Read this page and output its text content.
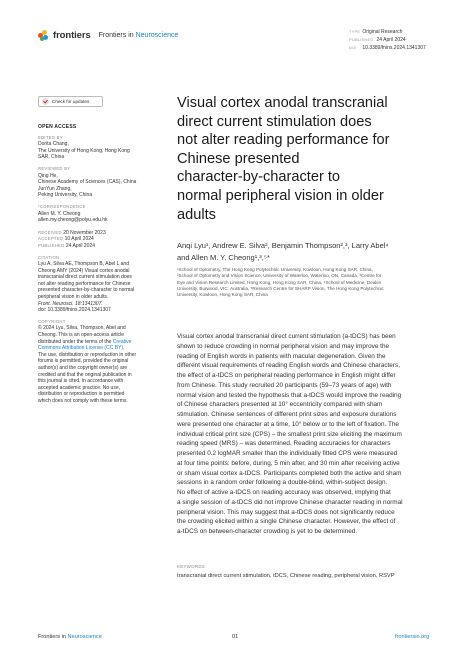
frontiers Frontiers in Neuroscience
TYPE Original Research
PUBLISHED 24 April 2024
DOI 10.3389/fnins.2024.1341307
Check for updates
OPEN ACCESS
EDITED BY
Dorita Chang,
The University of Hong Kong, Hong Kong
SAR, China
REVIEWED BY
Qing He,
Chinese Academy of Sciences (CAS), China
JunYun Zhang,
Peking University, China
*CORRESPONDENCE
Allen M. Y. Cheong
allen.my.cheong@polyu.edu.hk
RECEIVED 20 November 2023
ACCEPTED 10 April 2024
PUBLISHED 24 April 2024
CITATION
Lyu A, Silva AE, Thompson B, Abel L and
Cheong AMY (2024) Visual cortex anodal
transcranial direct current stimulation does
not alter reading performance for Chinese
presented character-by-character to normal
peripheral vision in older adults.
Front. Neurosci. 18:1341307.
doi: 10.3389/fnins.2024.1341307
COPYRIGHT
© 2024 Lyu, Silva, Thompson, Abel and
Cheong. This is an open-access article
distributed under the terms of the Creative
Commons Attribution License (CC BY).
The use, distribution or reproduction in other
forums is permitted, provided the original
author(s) and the copyright owner(s) are
credited and that the original publication in
this journal is cited, in accordance with
accepted academic practice. No use,
distribution or reproduction is permitted
which does not comply with these terms.
Visual cortex anodal transcranial
direct current stimulation does
not alter reading performance for
Chinese presented
character-by-character to
normal peripheral vision in older
adults
Anqi Lyu¹, Andrew E. Silva², Benjamin Thompson²,³, Larry Abel⁴
and Allen M. Y. Cheong¹,³,⁵*
¹School of Optometry, The Hong Kong Polytechnic University, Kowloon, Hong Kong SAR, China,
²School of Optometry and Vision Science, University of Waterloo, Waterloo, ON, Canada, ³Centre for
Eye and Vision Research Limited, Hong Kong, Hong Kong SAR, China, ⁴School of Medicine, Deakin
University, Burwood, VIC, Australia, ⁵Research Centre for SHARP Vision, The Hong Kong Polytechnic
University, Kowloon, Hong Kong SAR, China
Visual cortex anodal transcranial direct current stimulation (a-tDCS) has been
shown to reduce crowding in normal peripheral vision and may improve the
reading of English words in patients with macular degeneration. Given the
different visual requirements of reading English words and Chinese characters,
the effect of a-tDCS on peripheral reading performance in English might differ
from Chinese. This study recruited 20 participants (59–73 years of age) with
normal vision and tested the hypothesis that a-tDCS would improve the reading
of Chinese characters presented at 10° eccentricity compared with sham
stimulation. Chinese sentences of different print sizes and exposure durations
were presented one character at a time, 10° below or to the left of fixation. The
individual critical print size (CPS) – the smallest print size eliciting the maximum
reading speed (MRS) – was determined. Reading accuracies for characters
presented 0.2 logMAR smaller than the individually fitted CPS were measured
at four time points: before, during, 5 min after, and 30 min after receiving active
or sham visual cortex a-tDCS. Participants completed both the active and sham
sessions in a random order following a double-blind, within-subject design.
No effect of active a-tDCS on reading accuracy was observed, implying that
a single session of a-tDCS did not improve Chinese character reading in normal
peripheral vision. This may suggest that a-tDCS does not significantly reduce
the crowding elicited within a single Chinese character. However, the effect of
a-tDCS on between-character crowding is yet to be determined.
KEYWORDS
transcranial direct current stimulation, tDCS, Chinese reading, peripheral vision, RSVP
Frontiers in Neuroscience	01	frontiersin.org
